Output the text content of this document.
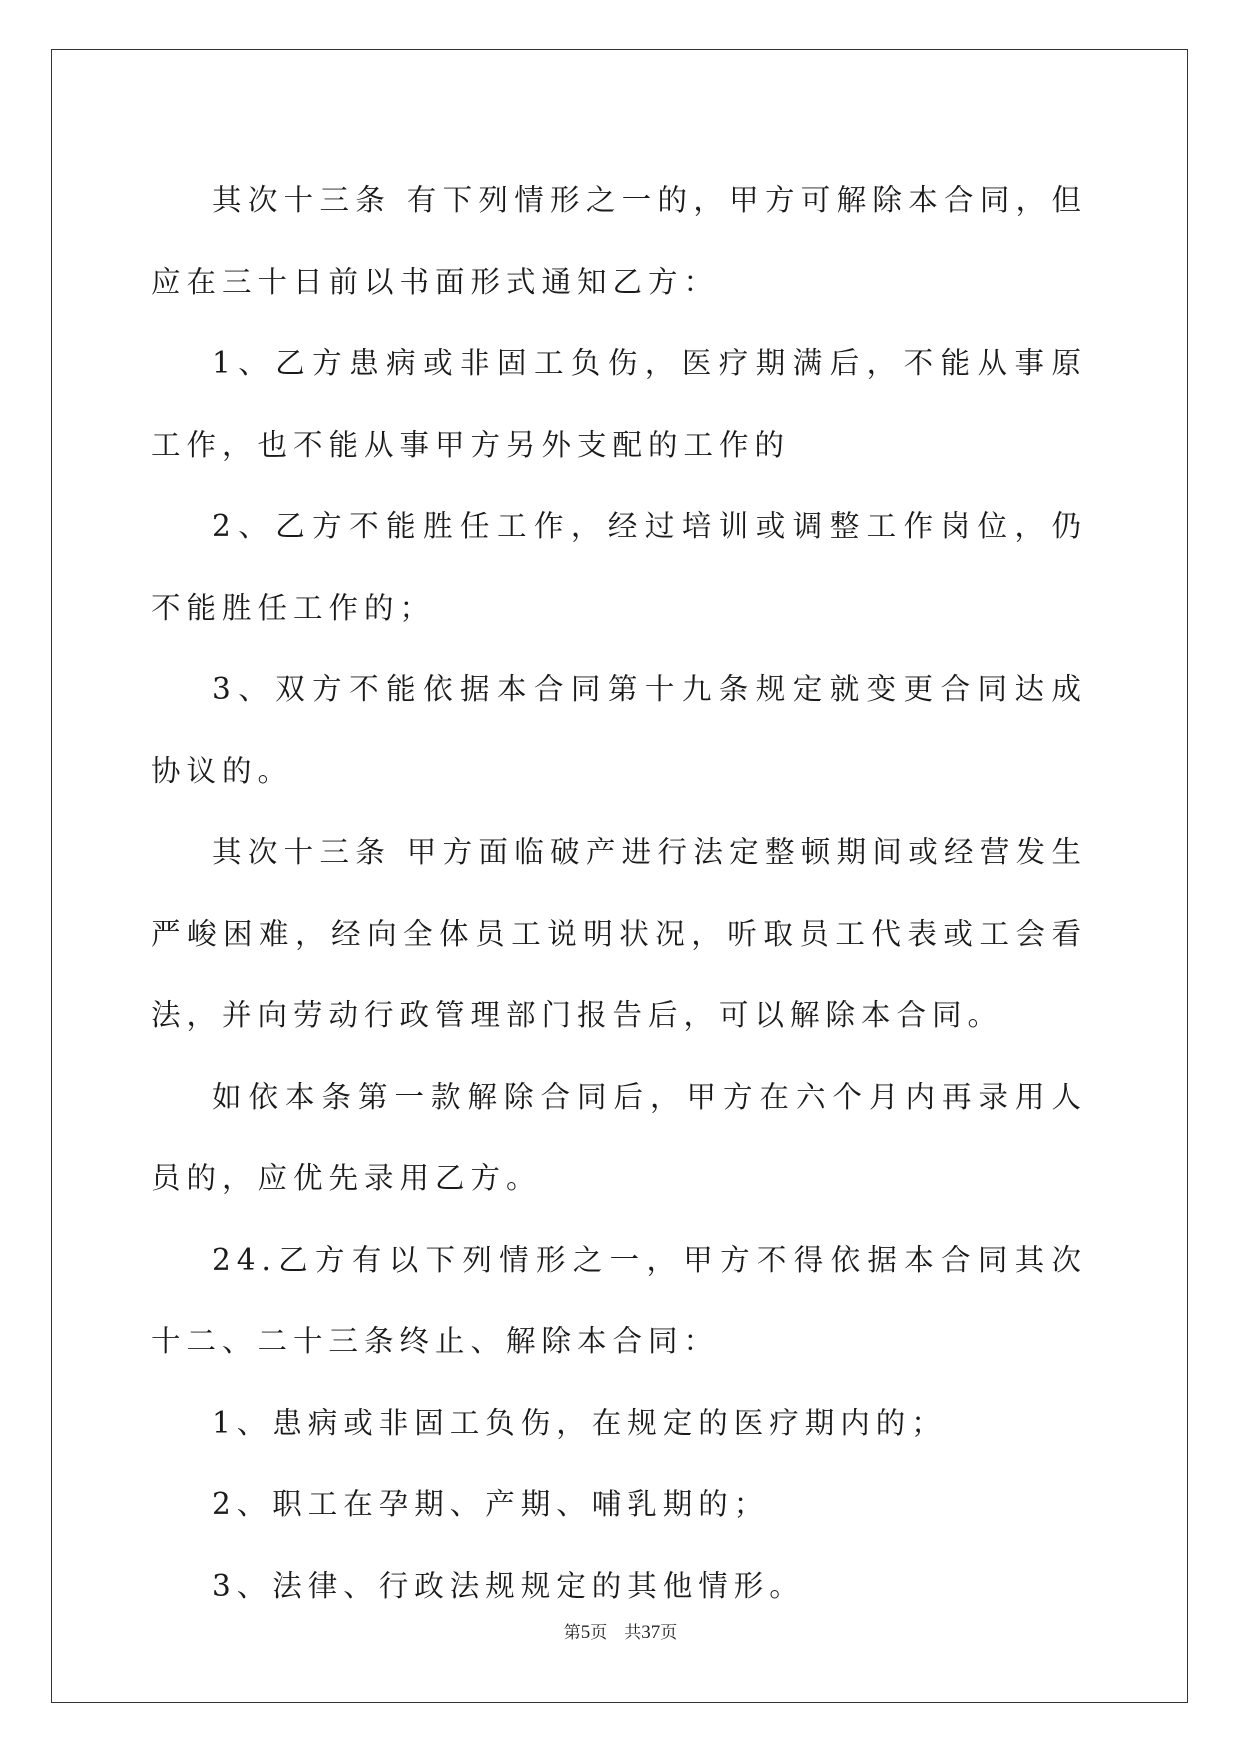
其次十三条 有下列情形之一的，甲方可解除本合同，但应在三十日前以书面形式通知乙方：

1、乙方患病或非固工负伤，医疗期满后，不能从事原工作，也不能从事甲方另外支配的工作的

2、乙方不能胜任工作，经过培训或调整工作岗位，仍不能胜任工作的；

3、双方不能依据本合同第十九条规定就变更合同达成协议的。

其次十三条 甲方面临破产进行法定整顿期间或经营发生严峻困难，经向全体员工说明状况，听取员工代表或工会看法，并向劳动行政管理部门报告后，可以解除本合同。

如依本条第一款解除合同后，甲方在六个月内再录用人员的，应优先录用乙方。

24.乙方有以下列情形之一，甲方不得依据本合同其次十二、二十三条终止、解除本合同：

1、患病或非固工负伤，在规定的医疗期内的；

2、职工在孕期、产期、哺乳期的；

3、法律、行政法规规定的其他情形。

第5页 共37页
